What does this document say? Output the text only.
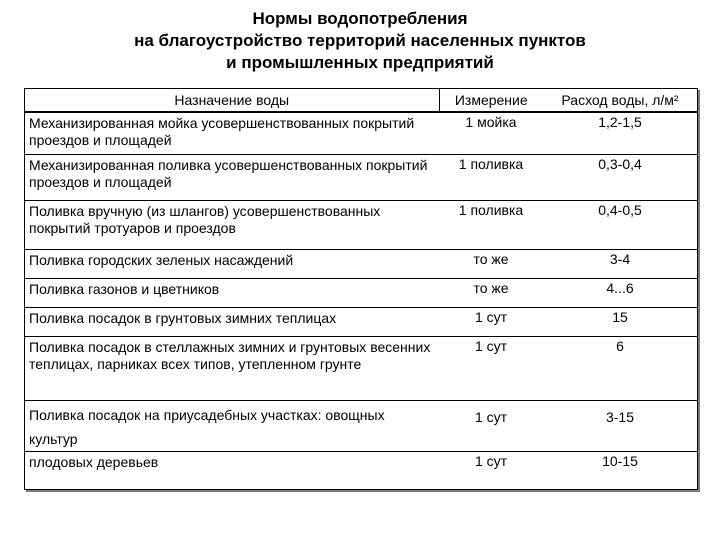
Нормы водопотребления
на благоустройство территорий населенных пунктов
и промышленных предприятий
Назначение воды	Измерение	Расход воды, л/м²
Механизированная мойка усовершенствованных покрытий проездов и площадей	1 мойка	1,2-1,5
Механизированная поливка усовершенствованных покрытий проездов и площадей	1 поливка	0,3-0,4
Поливка вручную (из шлангов) усовершенствованных покрытий тротуаров и проездов	1 поливка	0,4-0,5
Поливка городских зеленых насаждений	то же	3-4
Поливка газонов и цветников	то же	4...6
Поливка посадок в грунтовых зимних теплицах	1 сут	15
Поливка посадок в стеллажных зимних и грунтовых весенних теплицах, парниках всех типов, утепленном грунте	1 сут	6
Поливка посадок на приусадебных участках: овощных культур	1 сут	3-15
плодовых деревьев	1 сут	10-15
